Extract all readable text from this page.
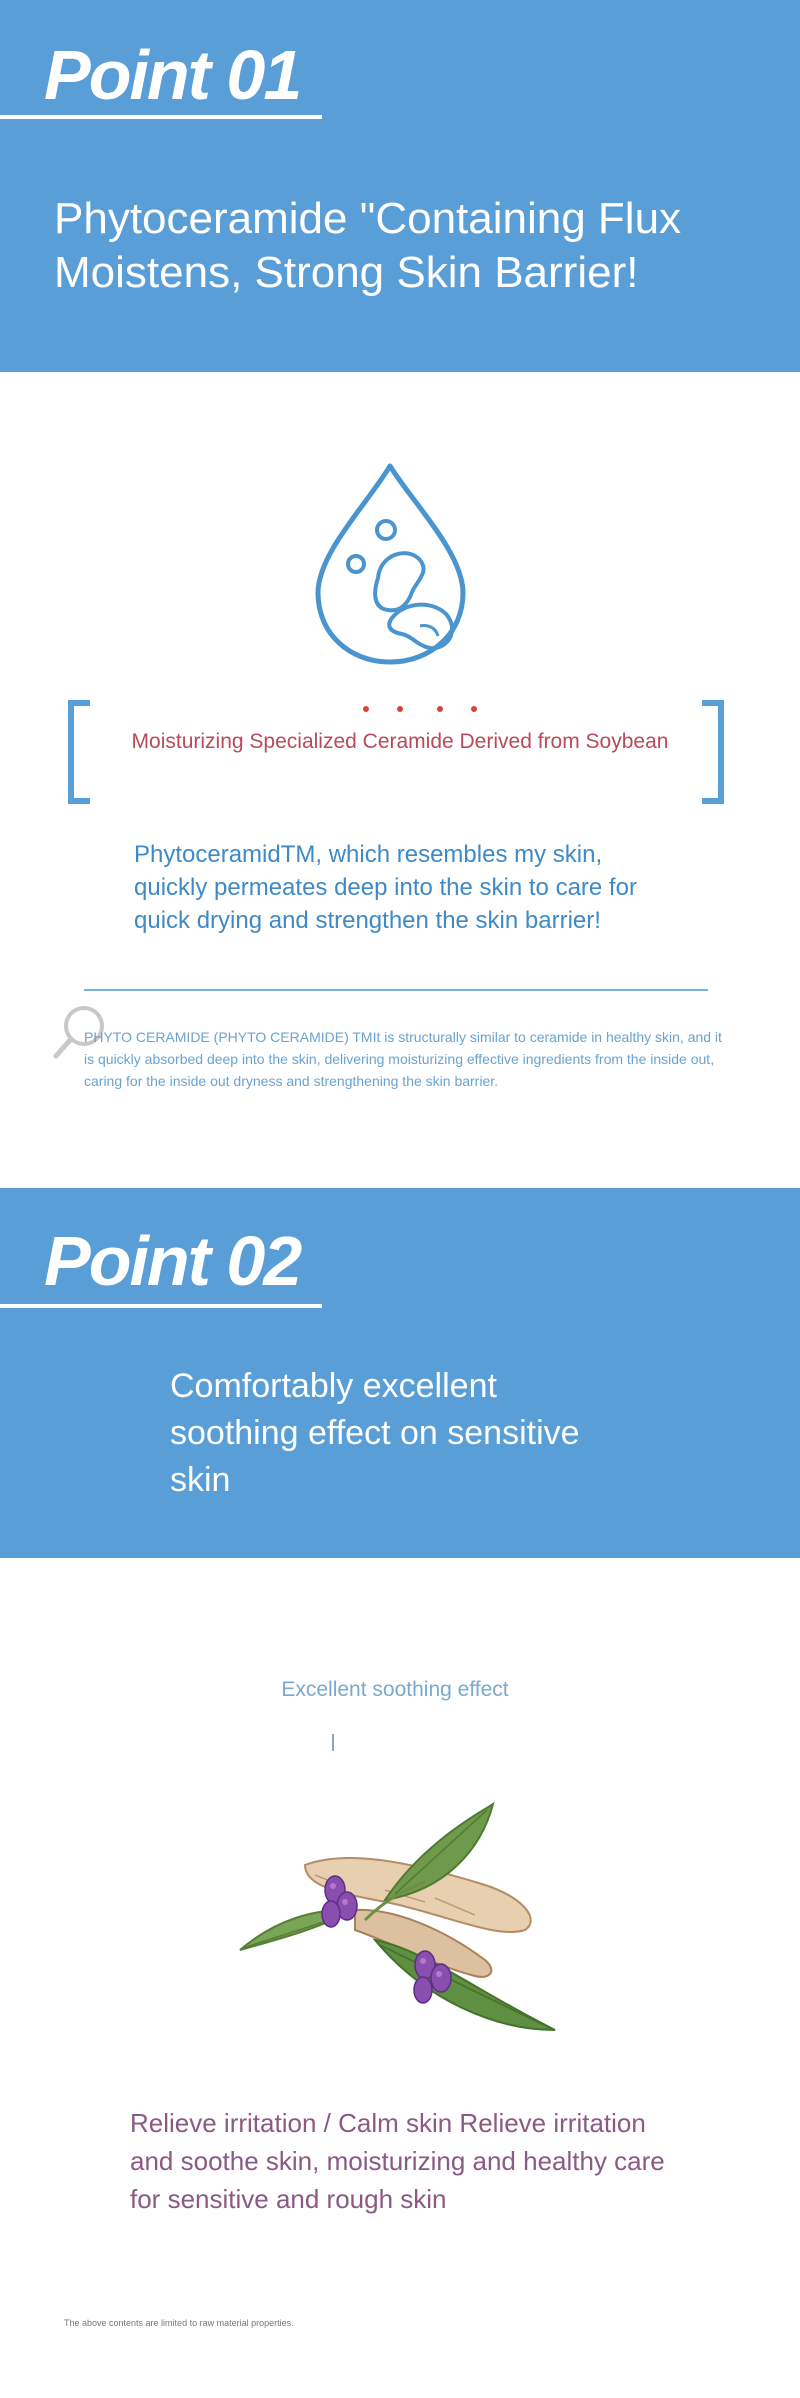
Point 01
Phytoceramide "Containing Flux Moistens, Strong Skin Barrier!
Moisturizing Specialized Ceramide Derived from Soybean
PhytoceramidTM, which resembles my skin, quickly permeates deep into the skin to care for quick drying and strengthen the skin barrier!
PHYTO CERAMIDE (PHYTO CERAMIDE) TMIt is structurally similar to ceramide in healthy skin, and it is quickly absorbed deep into the skin, delivering moisturizing effective ingredients from the inside out, caring for the inside out dryness and strengthening the skin barrier.
Point 02
Comfortably excellent soothing effect on sensitive skin
Excellent soothing effect
Relieve irritation / Calm skin Relieve irritation and soothe skin, moisturizing and healthy care for sensitive and rough skin
The above contents are limited to raw material properties.
